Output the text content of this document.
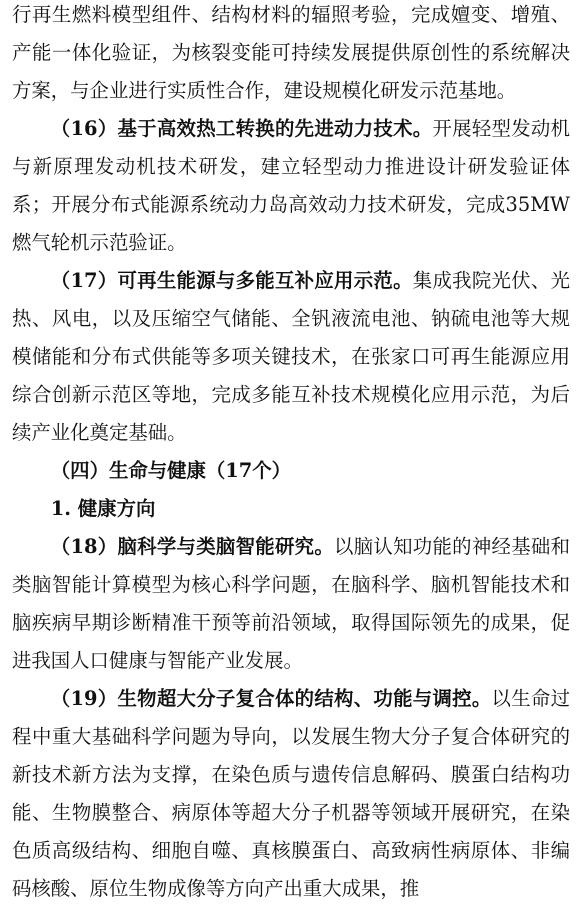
行再生燃料模型组件、结构材料的辐照考验，完成嬗变、增殖、产能一体化验证，为核裂变能可持续发展提供原创性的系统解决方案，与企业进行实质性合作，建设规模化研发示范基地。

（16）基于高效热工转换的先进动力技术。开展轻型发动机与新原理发动机技术研发，建立轻型动力推进设计研发验证体系；开展分布式能源系统动力岛高效动力技术研发，完成35MW燃气轮机示范验证。

（17）可再生能源与多能互补应用示范。集成我院光伏、光热、风电，以及压缩空气储能、全钒液流电池、钠硫电池等大规模储能和分布式供能等多项关键技术，在张家口可再生能源应用综合创新示范区等地，完成多能互补技术规模化应用示范，为后续产业化奠定基础。

（四）生命与健康（17个）

1. 健康方向

（18）脑科学与类脑智能研究。以脑认知功能的神经基础和类脑智能计算模型为核心科学问题，在脑科学、脑机智能技术和脑疾病早期诊断精准干预等前沿领域，取得国际领先的成果，促进我国人口健康与智能产业发展。

（19）生物超大分子复合体的结构、功能与调控。以生命过程中重大基础科学问题为导向，以发展生物大分子复合体研究的新技术新方法为支撑，在染色质与遗传信息解码、膜蛋白结构功能、生物膜整合、病原体等超大分子机器等领域开展研究，在染色质高级结构、细胞自噬、真核膜蛋白、高致病性病原体、非编码核酸、原位生物成像等方向产出重大成果，推
